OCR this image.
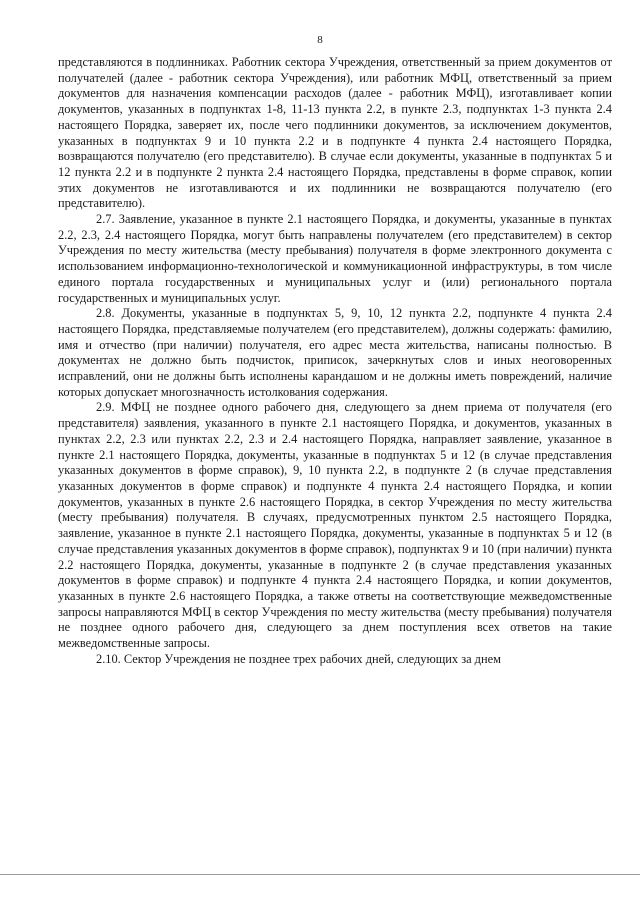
8

представляются в подлинниках. Работник сектора Учреждения, ответственный за прием документов от получателей (далее - работник сектора Учреждения), или работник МФЦ, ответственный за прием документов для назначения компенсации расходов (далее - работник МФЦ), изготавливает копии документов, указанных в подпунктах 1-8, 11-13 пункта 2.2, в пункте 2.3, подпунктах 1-3 пункта 2.4 настоящего Порядка, заверяет их, после чего подлинники документов, за исключением документов, указанных в подпунктах 9 и 10 пункта 2.2 и в подпункте 4 пункта 2.4 настоящего Порядка, возвращаются получателю (его представителю). В случае если документы, указанные в подпунктах 5 и 12 пункта 2.2 и в подпункте 2 пункта 2.4 настоящего Порядка, представлены в форме справок, копии этих документов не изготавливаются и их подлинники не возвращаются получателю (его представителю).

2.7. Заявление, указанное в пункте 2.1 настоящего Порядка, и документы, указанные в пунктах 2.2, 2.3, 2.4 настоящего Порядка, могут быть направлены получателем (его представителем) в сектор Учреждения по месту жительства (месту пребывания) получателя в форме электронного документа с использованием информационно-технологической и коммуникационной инфраструктуры, в том числе единого портала государственных и муниципальных услуг и (или) регионального портала государственных и муниципальных услуг.

2.8. Документы, указанные в подпунктах 5, 9, 10, 12 пункта 2.2, подпункте 4 пункта 2.4 настоящего Порядка, представляемые получателем (его представителем), должны содержать: фамилию, имя и отчество (при наличии) получателя, его адрес места жительства, написаны полностью. В документах не должно быть подчисток, приписок, зачеркнутых слов и иных неоговоренных исправлений, они не должны быть исполнены карандашом и не должны иметь повреждений, наличие которых допускает многозначность истолкования содержания.

2.9. МФЦ не позднее одного рабочего дня, следующего за днем приема от получателя (его представителя) заявления, указанного в пункте 2.1 настоящего Порядка, и документов, указанных в пунктах 2.2, 2.3 или пунктах 2.2, 2.3 и 2.4 настоящего Порядка, направляет заявление, указанное в пункте 2.1 настоящего Порядка, документы, указанные в подпунктах 5 и 12 (в случае представления указанных документов в форме справок), 9, 10 пункта 2.2, в подпункте 2 (в случае представления указанных документов в форме справок) и подпункте 4 пункта 2.4 настоящего Порядка, и копии документов, указанных в пункте 2.6 настоящего Порядка, в сектор Учреждения по месту жительства (месту пребывания) получателя. В случаях, предусмотренных пунктом 2.5 настоящего Порядка, заявление, указанное в пункте 2.1 настоящего Порядка, документы, указанные в подпунктах 5 и 12 (в случае представления указанных документов в форме справок), подпунктах 9 и 10 (при наличии) пункта 2.2 настоящего Порядка, документы, указанные в подпункте 2 (в случае представления указанных документов в форме справок) и подпункте 4 пункта 2.4 настоящего Порядка, и копии документов, указанных в пункте 2.6 настоящего Порядка, а также ответы на соответствующие межведомственные запросы направляются МФЦ в сектор Учреждения по месту жительства (месту пребывания) получателя не позднее одного рабочего дня, следующего за днем поступления всех ответов на такие межведомственные запросы.

2.10. Сектор Учреждения не позднее трех рабочих дней, следующих за днем
